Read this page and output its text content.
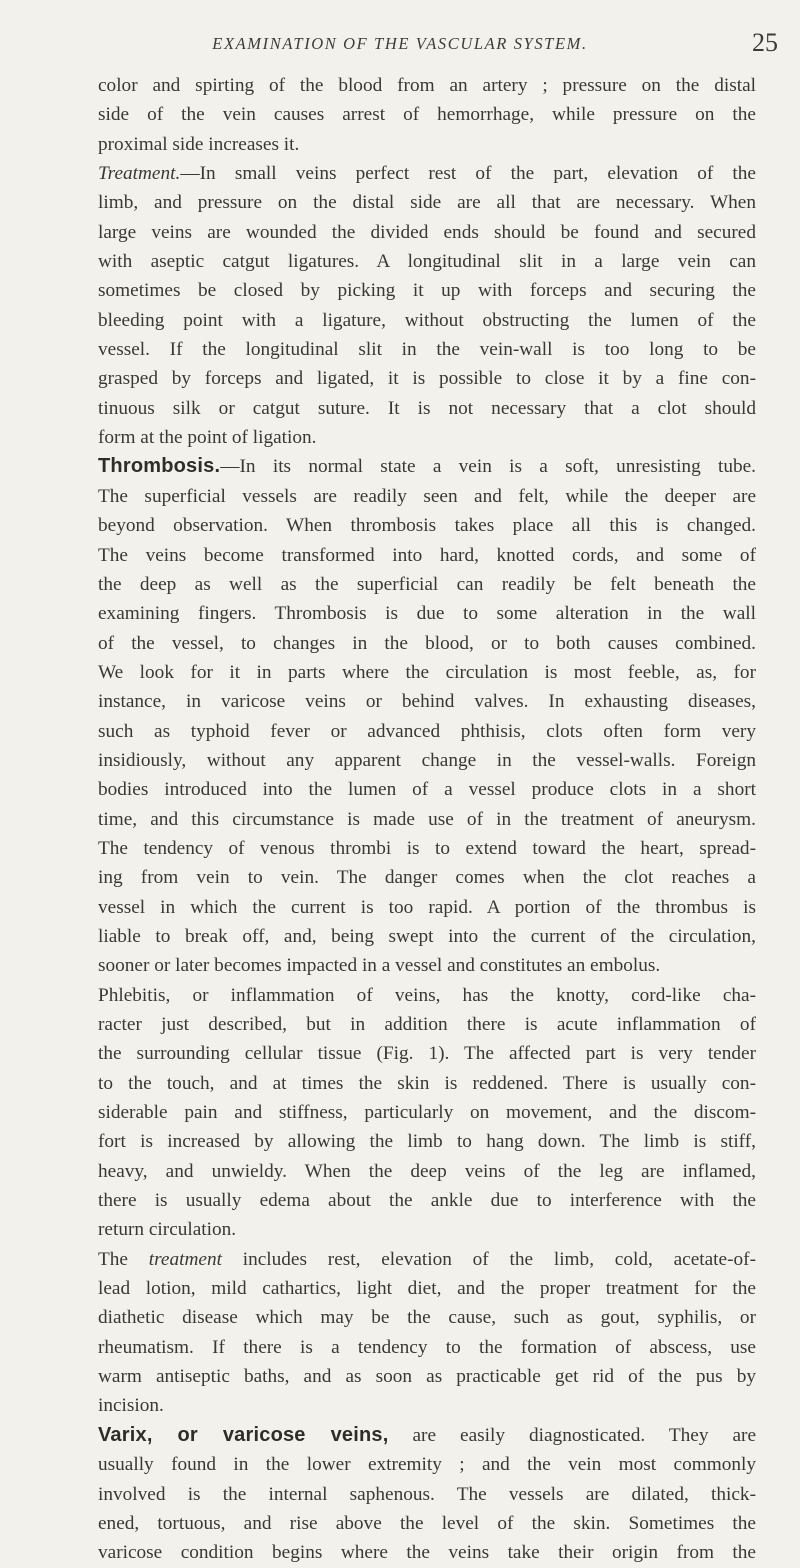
EXAMINATION OF THE VASCULAR SYSTEM.	25
color and spirting of the blood from an artery ; pressure on the distal
side of the vein causes arrest of hemorrhage, while pressure on the
proximal side increases it.
Treatment.—In small veins perfect rest of the part, elevation of the
limb, and pressure on the distal side are all that are necessary. When
large veins are wounded the divided ends should be found and secured
with aseptic catgut ligatures. A longitudinal slit in a large vein can
sometimes be closed by picking it up with forceps and securing the
bleeding point with a ligature, without obstructing the lumen of the
vessel. If the longitudinal slit in the vein-wall is too long to be
grasped by forceps and ligated, it is possible to close it by a fine con-
tinuous silk or catgut suture. It is not necessary that a clot should
form at the point of ligation.
Thrombosis.—In its normal state a vein is a soft, unresisting tube.
The superficial vessels are readily seen and felt, while the deeper are
beyond observation. When thrombosis takes place all this is changed.
The veins become transformed into hard, knotted cords, and some of
the deep as well as the superficial can readily be felt beneath the
examining fingers. Thrombosis is due to some alteration in the wall
of the vessel, to changes in the blood, or to both causes combined.
We look for it in parts where the circulation is most feeble, as, for
instance, in varicose veins or behind valves. In exhausting diseases,
such as typhoid fever or advanced phthisis, clots often form very
insidiously, without any apparent change in the vessel-walls. Foreign
bodies introduced into the lumen of a vessel produce clots in a short
time, and this circumstance is made use of in the treatment of aneurysm.
The tendency of venous thrombi is to extend toward the heart, spread-
ing from vein to vein. The danger comes when the clot reaches a
vessel in which the current is too rapid. A portion of the thrombus is
liable to break off, and, being swept into the current of the circulation,
sooner or later becomes impacted in a vessel and constitutes an embolus.
Phlebitis, or inflammation of veins, has the knotty, cord-like cha-
racter just described, but in addition there is acute inflammation of
the surrounding cellular tissue (Fig. 1). The affected part is very tender
to the touch, and at times the skin is reddened. There is usually con-
siderable pain and stiffness, particularly on movement, and the discom-
fort is increased by allowing the limb to hang down. The limb is stiff,
heavy, and unwieldy. When the deep veins of the leg are inflamed,
there is usually edema about the ankle due to interference with the
return circulation.
The treatment includes rest, elevation of the limb, cold, acetate-of-
lead lotion, mild cathartics, light diet, and the proper treatment for the
diathetic disease which may be the cause, such as gout, syphilis, or
rheumatism. If there is a tendency to the formation of abscess, use
warm antiseptic baths, and as soon as practicable get rid of the pus by
incision.
Varix, or varicose veins, are easily diagnosticated. They are
usually found in the lower extremity ; and the vein most commonly
involved is the internal saphenous. The vessels are dilated, thick-
ened, tortuous, and rise above the level of the skin. Sometimes the
varicose condition begins where the veins take their origin from the
